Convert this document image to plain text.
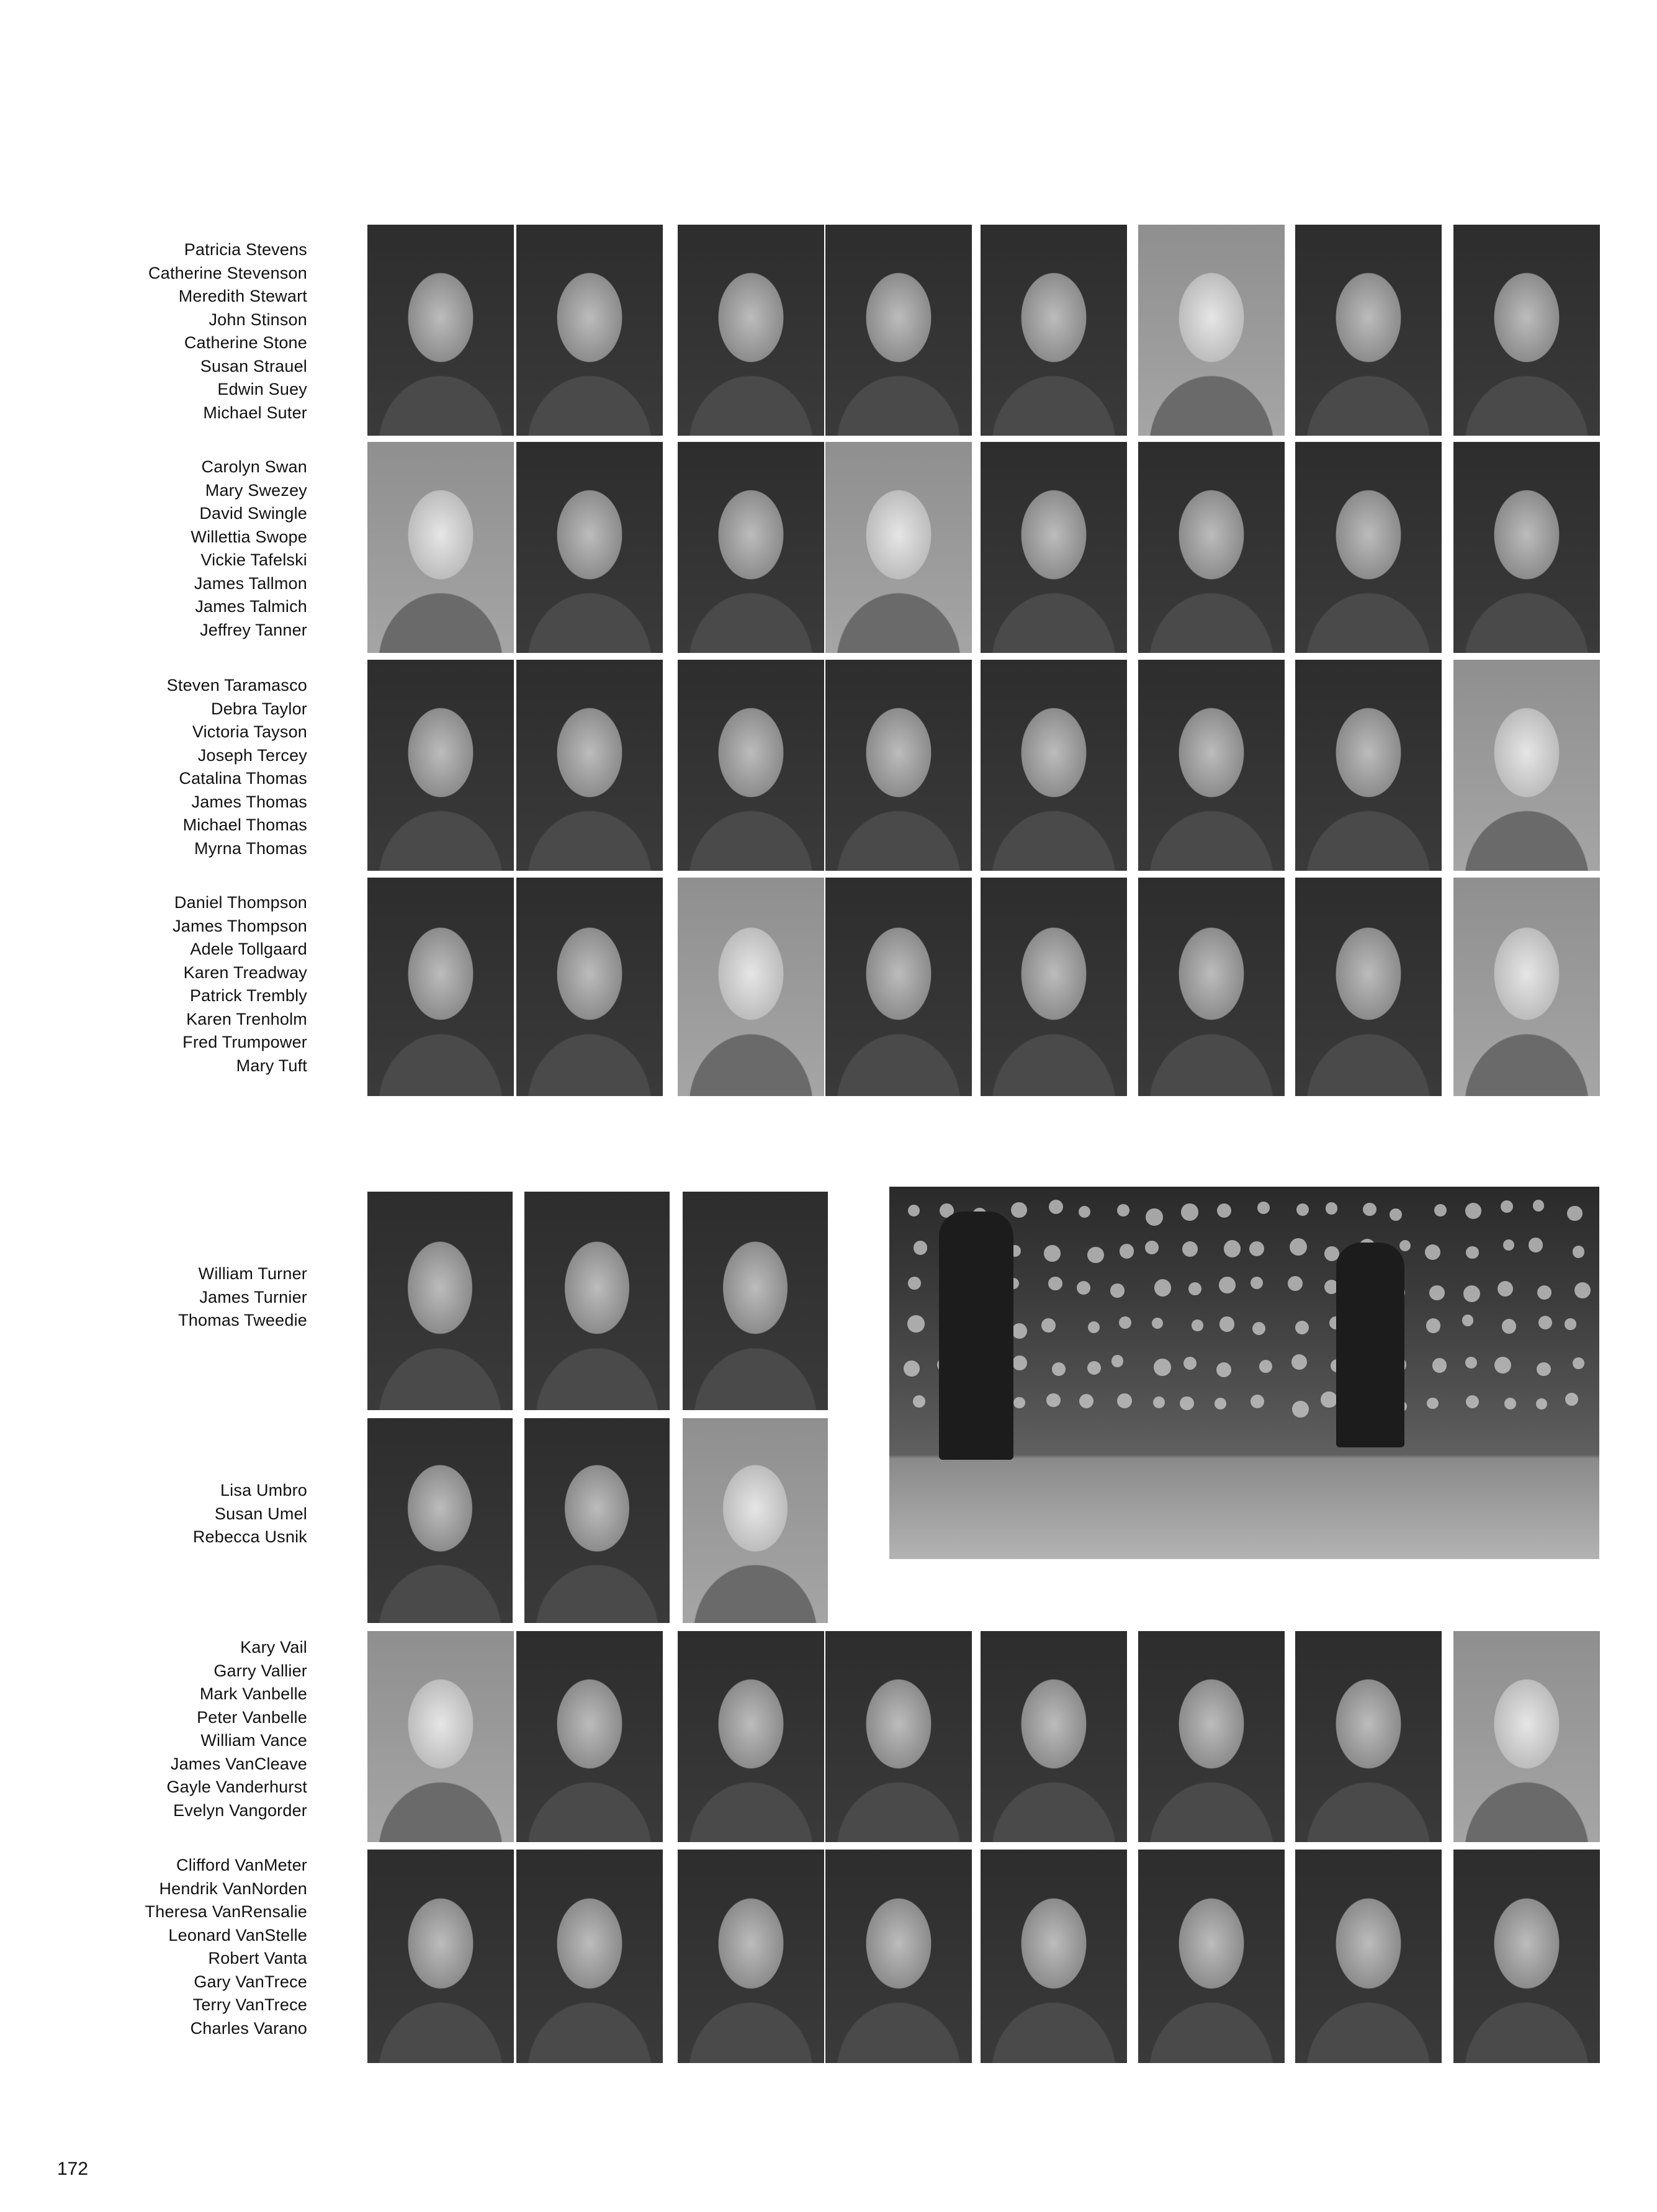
Patricia Stevens
Catherine Stevenson
Meredith Stewart
John Stinson
Catherine Stone
Susan Strauel
Edwin Suey
Michael Suter
Carolyn Swan
Mary Swezey
David Swingle
Willettia Swope
Vickie Tafelski
James Tallmon
James Talmich
Jeffrey Tanner
Steven Taramasco
Debra Taylor
Victoria Tayson
Joseph Tercey
Catalina Thomas
James Thomas
Michael Thomas
Myrna Thomas
Daniel Thompson
James Thompson
Adele Tollgaard
Karen Treadway
Patrick Trembly
Karen Trenholm
Fred Trumpower
Mary Tuft
William Turner
James Turnier
Thomas Tweedie
Lisa Umbro
Susan Umel
Rebecca Usnik
Kary Vail
Garry Vallier
Mark Vanbelle
Peter Vanbelle
William Vance
James VanCleave
Gayle Vanderhurst
Evelyn Vangorder
Clifford VanMeter
Hendrik VanNorden
Theresa VanRensalie
Leonard VanStelle
Robert Vanta
Gary VanTrece
Terry VanTrece
Charles Varano
172
